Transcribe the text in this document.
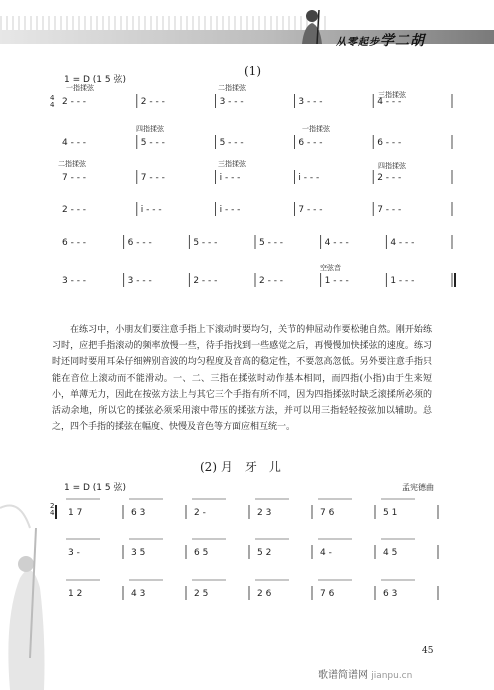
从零起步学二胡
(1)
1 = D (1 5 弦)
4
4
一指揉弦	二指揉弦
三指揉弦
四指揉弦	一指揉弦
二指揉弦	三指揉弦	四指揉弦
空弦音
2 - - -	2 - - -	3 - - -	3 - - -	4 - - -
4 - - -	5 - - -	5 - - -	6 - - -	6 - - -
7 - - -	7 - - -	i - - -	i - - -	2 - - -
2 - - -	i - - -	i - - -	7 - - -	7 - - -
6 - - -	6 - - -	5 - - -	5 - - -	4 - - -	4 - - -
3 - - -	3 - - -	2 - - -	2 - - -	1 - - -	1 - - -
1 7	6 3	2 -	2 3	7 6	5 1
3 -	3 5	6 5	5 2	4 -	4 5
1 2	4 3	2 5	2 6	7 6	6 3
在练习中，小朋友们要注意手指上下滚动时要均匀，关节的伸屈动作要松驰自然。刚开始练习时，应把手指滚动的频率放慢一些，待手指找到一些感觉之后，再慢慢加快揉弦的速度。练习时还同时要用耳朵仔细辨别音波的均匀程度及音高的稳定性，不要忽高忽低。另外要注意手指只能在音位上滚动而不能滑动。一、二、三指在揉弦时动作基本相同，而四指(小指)由于生来短小，单薄无力，因此在按弦方法上与其它三个手指有所不同，因为四指揉弦时缺乏滚揉所必须的活动余地，所以它的揉弦必须采用滚中带压的揉弦方法，并可以用三指轻轻按弦加以辅助。总之，四个手指的揉弦在幅度、快慢及音色等方面应相互统一。
(2) 月　牙　儿
1 = D (1 5 弦)	孟宪德曲
2
4
45
歌谱简谱网 jianpu.cn
